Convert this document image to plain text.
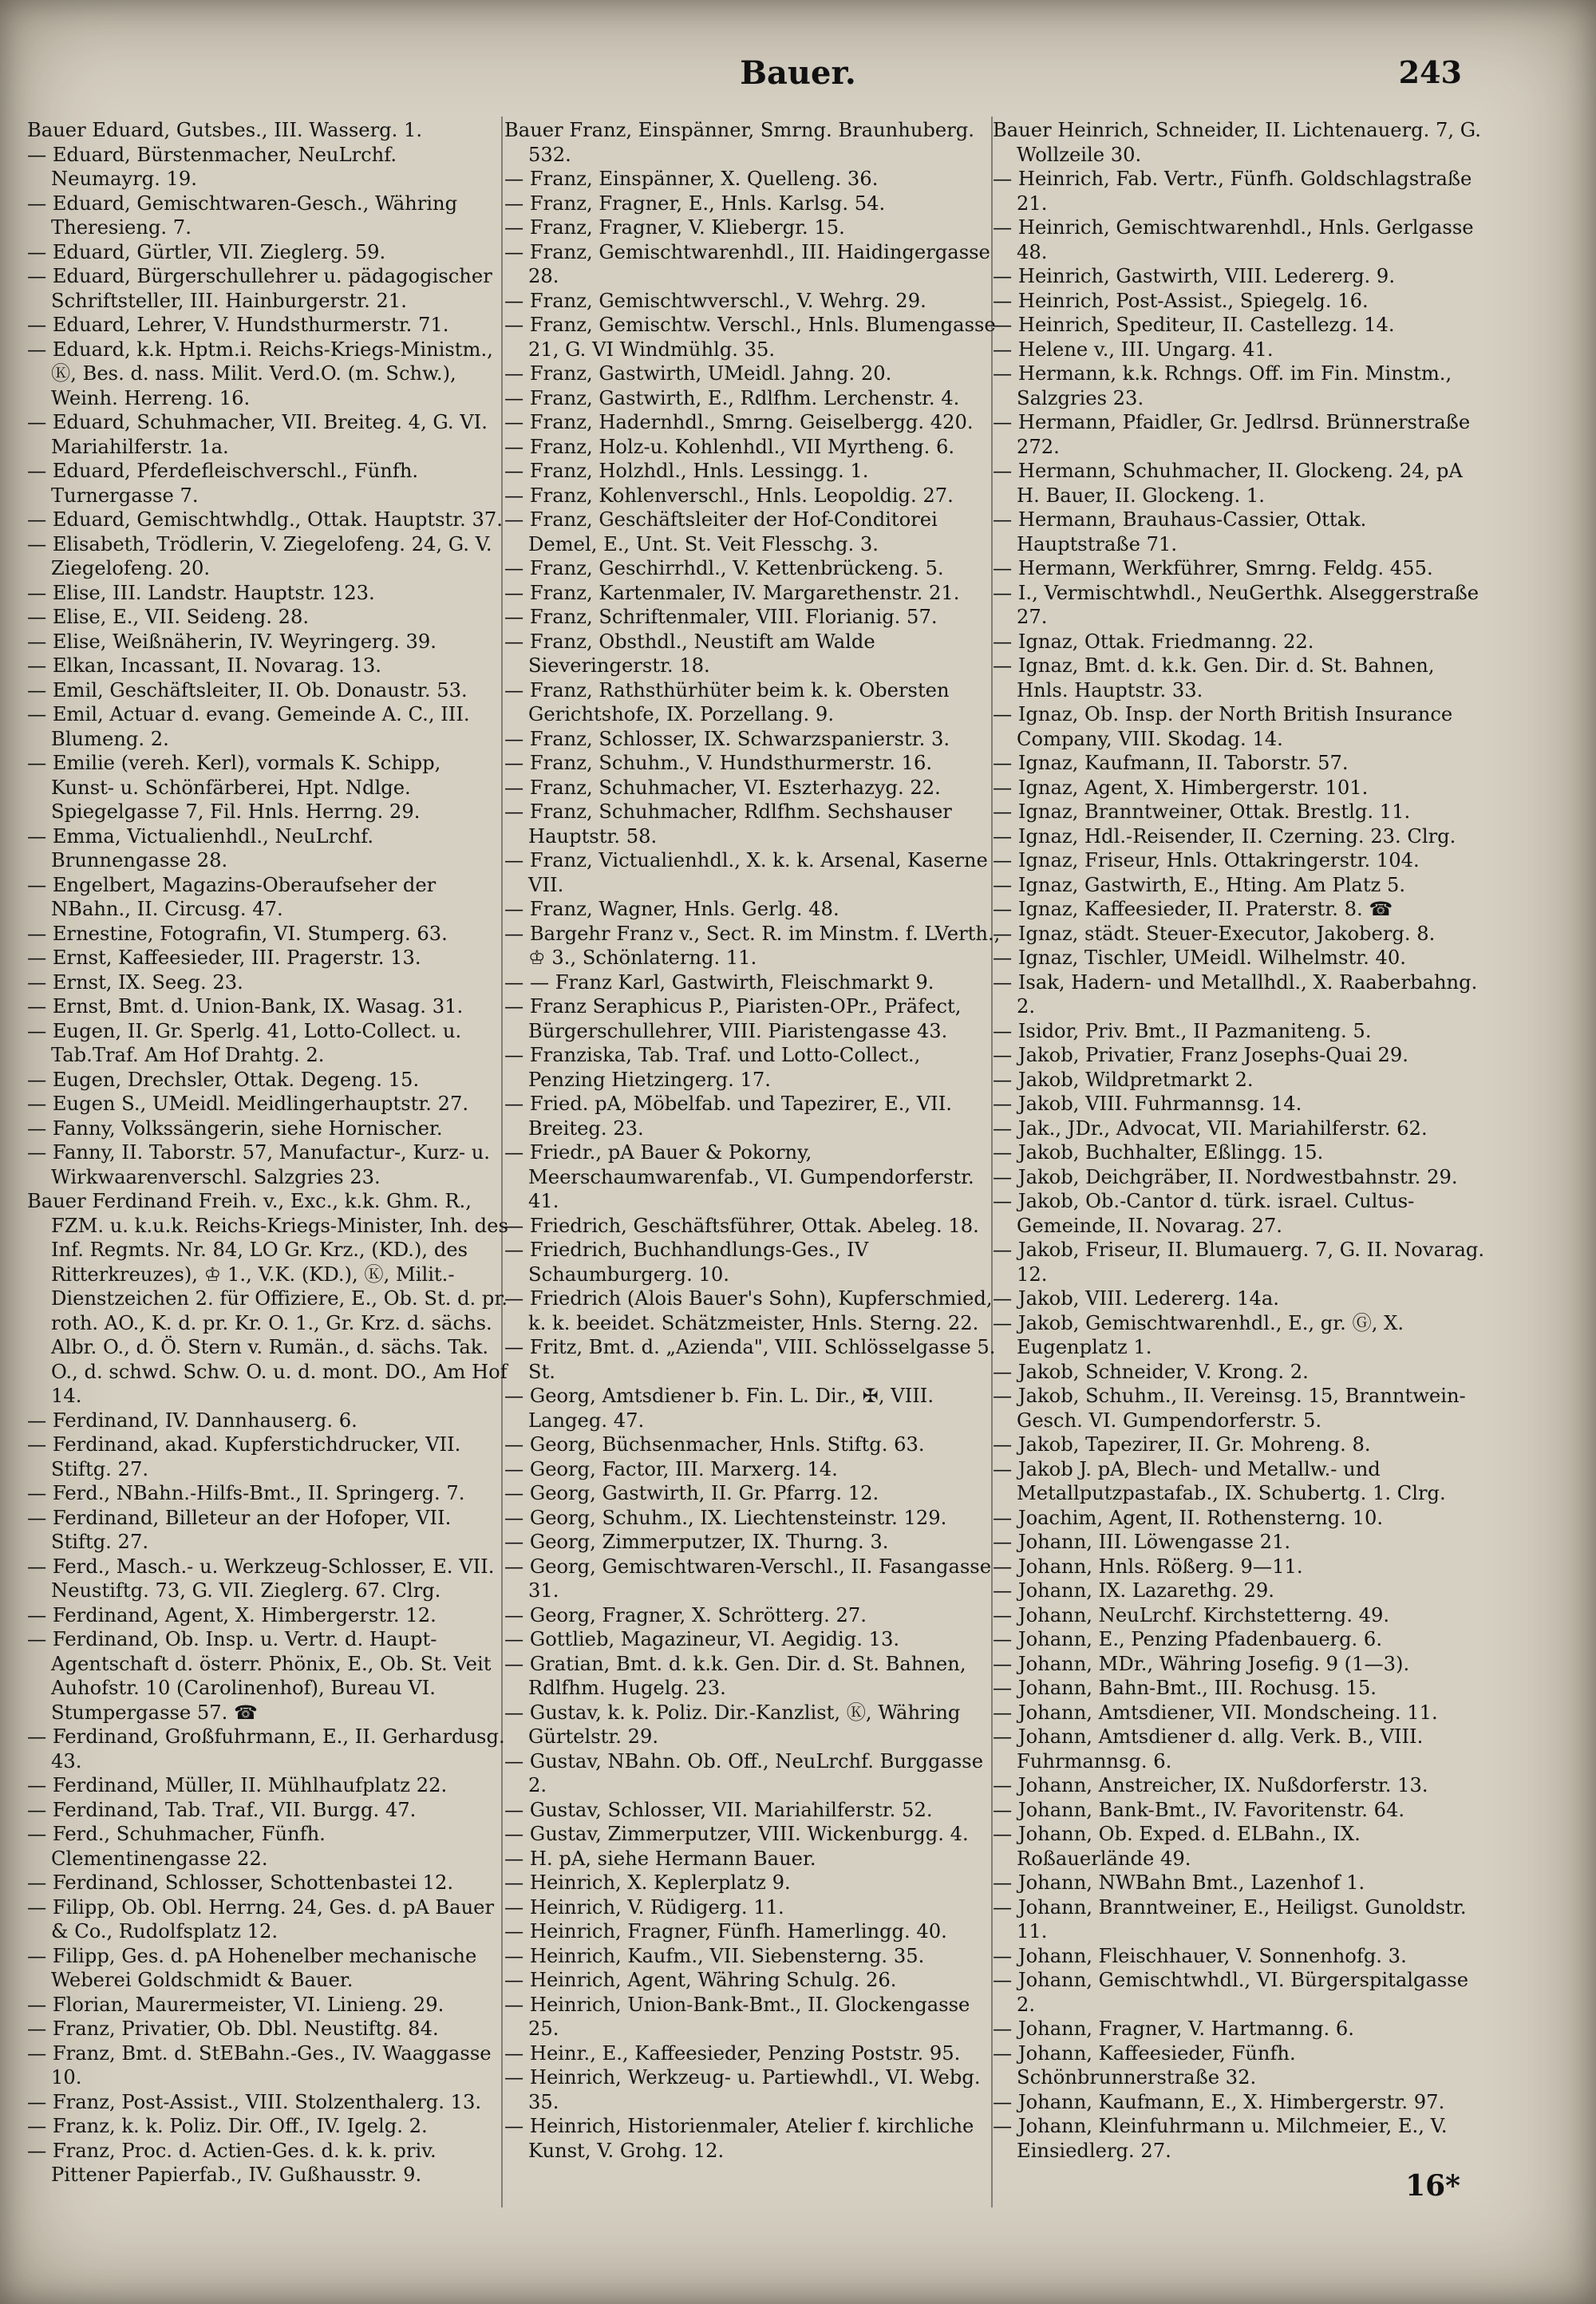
Bauer.	243

Bauer Eduard, Gutsbes., III. Wasserg. 1.

— Eduard, Bürstenmacher, NeuLrchf. Neumayrg. 19.

— Eduard, Gemischtwaren-Gesch., Währing Theresieng. 7.

— Eduard, Gürtler, VII. Zieglerg. 59.

— Eduard, Bürgerschullehrer u. pädagogischer Schriftsteller, III. Hainburgerstr. 21.

— Eduard, Lehrer, V. Hundsthurmerstr. 71.

— Eduard, k.k. Hptm.i. Reichs-Kriegs-Ministm., Ⓚ, Bes. d. nass. Milit. Verd.O. (m. Schw.), Weinh. Herreng. 16.

— Eduard, Schuhmacher, VII. Breiteg. 4, G. VI. Mariahilferstr. 1a.

— Eduard, Pferdefleischverschl., Fünfh. Turnergasse 7.

— Eduard, Gemischtwhdlg., Ottak. Hauptstr. 37.

— Elisabeth, Trödlerin, V. Ziegelofeng. 24, G. V. Ziegelofeng. 20.

— Elise, III. Landstr. Hauptstr. 123.

— Elise, E., VII. Seideng. 28.

— Elise, Weißnäherin, IV. Weyringerg. 39.

— Elkan, Incassant, II. Novarag. 13.

— Emil, Geschäftsleiter, II. Ob. Donaustr. 53.

— Emil, Actuar d. evang. Gemeinde A. C., III. Blumeng. 2.

— Emilie (vereh. Kerl), vormals K. Schipp, Kunst- u. Schönfärberei, Hpt. Ndlge. Spiegelgasse 7, Fil. Hnls. Herrng. 29.

— Emma, Victualienhdl., NeuLrchf. Brunnengasse 28.

— Engelbert, Magazins-Oberaufseher der NBahn., II. Circusg. 47.

— Ernestine, Fotografin, VI. Stumperg. 63.

— Ernst, Kaffeesieder, III. Pragerstr. 13.

— Ernst, IX. Seeg. 23.

— Ernst, Bmt. d. Union-Bank, IX. Wasag. 31.

— Eugen, II. Gr. Sperlg. 41, Lotto-Collect. u. Tab.Traf. Am Hof Drahtg. 2.

— Eugen, Drechsler, Ottak. Degeng. 15.

— Eugen S., UMeidl. Meidlingerhauptstr. 27.

— Fanny, Volkssängerin, siehe Hornischer.

— Fanny, II. Taborstr. 57, Manufactur-, Kurz- u. Wirkwaarenverschl. Salzgries 23.

Bauer Ferdinand Freih. v., Exc., k.k. Ghm. R., FZM. u. k.u.k. Reichs-Kriegs-Minister, Inh. des Inf. Regmts. Nr. 84, LO Gr. Krz., (KD.), des Ritterkreuzes), ♔ 1., V.K. (KD.), Ⓚ, Milit.-Dienstzeichen 2. für Offiziere, E., Ob. St. d. pr. roth. AO., K. d. pr. Kr. O. 1., Gr. Krz. d. sächs. Albr. O., d. Ö. Stern v. Rumän., d. sächs. Tak. O., d. schwd. Schw. O. u. d. mont. DO., Am Hof 14.

— Ferdinand, IV. Dannhauserg. 6.

— Ferdinand, akad. Kupferstichdrucker, VII. Stiftg. 27.

— Ferd., NBahn.-Hilfs-Bmt., II. Springerg. 7.

— Ferdinand, Billeteur an der Hofoper, VII. Stiftg. 27.

— Ferd., Masch.- u. Werkzeug-Schlosser, E. VII. Neustiftg. 73, G. VII. Zieglerg. 67. Clrg.

— Ferdinand, Agent, X. Himbergerstr. 12.

— Ferdinand, Ob. Insp. u. Vertr. d. Haupt-Agentschaft d. österr. Phönix, E., Ob. St. Veit Auhofstr. 10 (Carolinenhof), Bureau VI. Stumpergasse 57. ☎

— Ferdinand, Großfuhrmann, E., II. Gerhardusg. 43.

— Ferdinand, Müller, II. Mühlhaufplatz 22.

— Ferdinand, Tab. Traf., VII. Burgg. 47.

— Ferd., Schuhmacher, Fünfh. Clementinengasse 22.

— Ferdinand, Schlosser, Schottenbastei 12.

— Filipp, Ob. Obl. Herrng. 24, Ges. d. pA Bauer & Co., Rudolfsplatz 12.

— Filipp, Ges. d. pA Hohenelber mechanische Weberei Goldschmidt & Bauer.

— Florian, Maurermeister, VI. Linieng. 29.

— Franz, Privatier, Ob. Dbl. Neustiftg. 84.

— Franz, Bmt. d. StEBahn.-Ges., IV. Waaggasse 10.

— Franz, Post-Assist., VIII. Stolzenthalerg. 13.

— Franz, k. k. Poliz. Dir. Off., IV. Igelg. 2.

— Franz, Proc. d. Actien-Ges. d. k. k. priv. Pittener Papierfab., IV. Gußhausstr. 9.

Bauer Franz, Einspänner, Smrng. Braunhuberg. 532.

— Franz, Einspänner, X. Quelleng. 36.

— Franz, Fragner, E., Hnls. Karlsg. 54.

— Franz, Fragner, V. Kliebergr. 15.

— Franz, Gemischtwarenhdl., III. Haidingergasse 28.

— Franz, Gemischtwverschl., V. Wehrg. 29.

— Franz, Gemischtw. Verschl., Hnls. Blumengasse 21, G. VI Windmühlg. 35.

— Franz, Gastwirth, UMeidl. Jahng. 20.

— Franz, Gastwirth, E., Rdlfhm. Lerchenstr. 4.

— Franz, Hadernhdl., Smrng. Geiselbergg. 420.

— Franz, Holz-u. Kohlenhdl., VII Myrtheng. 6.

— Franz, Holzhdl., Hnls. Lessingg. 1.

— Franz, Kohlenverschl., Hnls. Leopoldig. 27.

— Franz, Geschäftsleiter der Hof-Conditorei Demel, E., Unt. St. Veit Flesschg. 3.

— Franz, Geschirrhdl., V. Kettenbrückeng. 5.

— Franz, Kartenmaler, IV. Margarethenstr. 21.

— Franz, Schriftenmaler, VIII. Florianig. 57.

— Franz, Obsthdl., Neustift am Walde Sieveringerstr. 18.

— Franz, Rathsthürhüter beim k. k. Obersten Gerichtshofe, IX. Porzellang. 9.

— Franz, Schlosser, IX. Schwarzspanierstr. 3.

— Franz, Schuhm., V. Hundsthurmerstr. 16.

— Franz, Schuhmacher, VI. Eszterhazyg. 22.

— Franz, Schuhmacher, Rdlfhm. Sechshauser Hauptstr. 58.

— Franz, Victualienhdl., X. k. k. Arsenal, Kaserne VII.

— Franz, Wagner, Hnls. Gerlg. 48.

— Bargehr Franz v., Sect. R. im Minstm. f. LVerth., ♔ 3., Schönlaterng. 11.

— — Franz Karl, Gastwirth, Fleischmarkt 9.

— Franz Seraphicus P., Piaristen-OPr., Präfect, Bürgerschullehrer, VIII. Piaristengasse 43.

— Franziska, Tab. Traf. und Lotto-Collect., Penzing Hietzingerg. 17.

— Fried. pA, Möbelfab. und Tapezirer, E., VII. Breiteg. 23.

— Friedr., pA Bauer & Pokorny, Meerschaumwarenfab., VI. Gumpendorferstr. 41.

— Friedrich, Geschäftsführer, Ottak. Abeleg. 18.

— Friedrich, Buchhandlungs-Ges., IV Schaumburgerg. 10.

— Friedrich (Alois Bauer's Sohn), Kupferschmied, k. k. beeidet. Schätzmeister, Hnls. Sterng. 22.

— Fritz, Bmt. d. „Azienda", VIII. Schlösselgasse 5. St.

— Georg, Amtsdiener b. Fin. L. Dir., ✠, VIII. Langeg. 47.

— Georg, Büchsenmacher, Hnls. Stiftg. 63.

— Georg, Factor, III. Marxerg. 14.

— Georg, Gastwirth, II. Gr. Pfarrg. 12.

— Georg, Schuhm., IX. Liechtensteinstr. 129.

— Georg, Zimmerputzer, IX. Thurng. 3.

— Georg, Gemischtwaren-Verschl., II. Fasangasse 31.

— Georg, Fragner, X. Schrötterg. 27.

— Gottlieb, Magazineur, VI. Aegidig. 13.

— Gratian, Bmt. d. k.k. Gen. Dir. d. St. Bahnen, Rdlfhm. Hugelg. 23.

— Gustav, k. k. Poliz. Dir.-Kanzlist, Ⓚ, Währing Gürtelstr. 29.

— Gustav, NBahn. Ob. Off., NeuLrchf. Burggasse 2.

— Gustav, Schlosser, VII. Mariahilferstr. 52.

— Gustav, Zimmerputzer, VIII. Wickenburgg. 4.

— H. pA, siehe Hermann Bauer.

— Heinrich, X. Keplerplatz 9.

— Heinrich, V. Rüdigerg. 11.

— Heinrich, Fragner, Fünfh. Hamerlingg. 40.

— Heinrich, Kaufm., VII. Siebensterng. 35.

— Heinrich, Agent, Währing Schulg. 26.

— Heinrich, Union-Bank-Bmt., II. Glockengasse 25.

— Heinr., E., Kaffeesieder, Penzing Poststr. 95.

— Heinrich, Werkzeug- u. Partiewhdl., VI. Webg. 35.

— Heinrich, Historienmaler, Atelier f. kirchliche Kunst, V. Grohg. 12.

Bauer Heinrich, Schneider, II. Lichtenauerg. 7, G. Wollzeile 30.

— Heinrich, Fab. Vertr., Fünfh. Goldschlagstraße 21.

— Heinrich, Gemischtwarenhdl., Hnls. Gerlgasse 48.

— Heinrich, Gastwirth, VIII. Ledererg. 9.

— Heinrich, Post-Assist., Spiegelg. 16.

— Heinrich, Spediteur, II. Castellezg. 14.

— Helene v., III. Ungarg. 41.

— Hermann, k.k. Rchngs. Off. im Fin. Minstm., Salzgries 23.

— Hermann, Pfaidler, Gr. Jedlrsd. Brünnerstraße 272.

— Hermann, Schuhmacher, II. Glockeng. 24, pA H. Bauer, II. Glockeng. 1.

— Hermann, Brauhaus-Cassier, Ottak. Hauptstraße 71.

— Hermann, Werkführer, Smrng. Feldg. 455.

— I., Vermischtwhdl., NeuGerthk. Alseggerstraße 27.

— Ignaz, Ottak. Friedmanng. 22.

— Ignaz, Bmt. d. k.k. Gen. Dir. d. St. Bahnen, Hnls. Hauptstr. 33.

— Ignaz, Ob. Insp. der North British Insurance Company, VIII. Skodag. 14.

— Ignaz, Kaufmann, II. Taborstr. 57.

— Ignaz, Agent, X. Himbergerstr. 101.

— Ignaz, Branntweiner, Ottak. Brestlg. 11.

— Ignaz, Hdl.-Reisender, II. Czerning. 23. Clrg.

— Ignaz, Friseur, Hnls. Ottakringerstr. 104.

— Ignaz, Gastwirth, E., Hting. Am Platz 5.

— Ignaz, Kaffeesieder, II. Praterstr. 8. ☎

— Ignaz, städt. Steuer-Executor, Jakoberg. 8.

— Ignaz, Tischler, UMeidl. Wilhelmstr. 40.

— Isak, Hadern- und Metallhdl., X. Raaberbahng. 2.

— Isidor, Priv. Bmt., II Pazmaniteng. 5.

— Jakob, Privatier, Franz Josephs-Quai 29.

— Jakob, Wildpretmarkt 2.

— Jakob, VIII. Fuhrmannsg. 14.

— Jak., JDr., Advocat, VII. Mariahilferstr. 62.

— Jakob, Buchhalter, Eßlingg. 15.

— Jakob, Deichgräber, II. Nordwestbahnstr. 29.

— Jakob, Ob.-Cantor d. türk. israel. Cultus-Gemeinde, II. Novarag. 27.

— Jakob, Friseur, II. Blumauerg. 7, G. II. Novarag. 12.

— Jakob, VIII. Ledererg. 14a.

— Jakob, Gemischtwarenhdl., E., gr. Ⓖ, X. Eugenplatz 1.

— Jakob, Schneider, V. Krong. 2.

— Jakob, Schuhm., II. Vereinsg. 15, Branntwein-Gesch. VI. Gumpendorferstr. 5.

— Jakob, Tapezirer, II. Gr. Mohreng. 8.

— Jakob J. pA, Blech- und Metallw.- und Metallputzpastafab., IX. Schubertg. 1. Clrg.

— Joachim, Agent, II. Rothensterng. 10.

— Johann, III. Löwengasse 21.

— Johann, Hnls. Rößerg. 9—11.

— Johann, IX. Lazarethg. 29.

— Johann, NeuLrchf. Kirchstetterng. 49.

— Johann, E., Penzing Pfadenbauerg. 6.

— Johann, MDr., Währing Josefig. 9 (1—3).

— Johann, Bahn-Bmt., III. Rochusg. 15.

— Johann, Amtsdiener, VII. Mondscheing. 11.

— Johann, Amtsdiener d. allg. Verk. B., VIII. Fuhrmannsg. 6.

— Johann, Anstreicher, IX. Nußdorferstr. 13.

— Johann, Bank-Bmt., IV. Favoritenstr. 64.

— Johann, Ob. Exped. d. ELBahn., IX. Roßauerlände 49.

— Johann, NWBahn Bmt., Lazenhof 1.

— Johann, Branntweiner, E., Heiligst. Gunoldstr. 11.

— Johann, Fleischhauer, V. Sonnenhofg. 3.

— Johann, Gemischtwhdl., VI. Bürgerspitalgasse 2.

— Johann, Fragner, V. Hartmanng. 6.

— Johann, Kaffeesieder, Fünfh. Schönbrunnerstraße 32.

— Johann, Kaufmann, E., X. Himbergerstr. 97.

— Johann, Kleinfuhrmann u. Milchmeier, E., V. Einsiedlerg. 27.

16*
